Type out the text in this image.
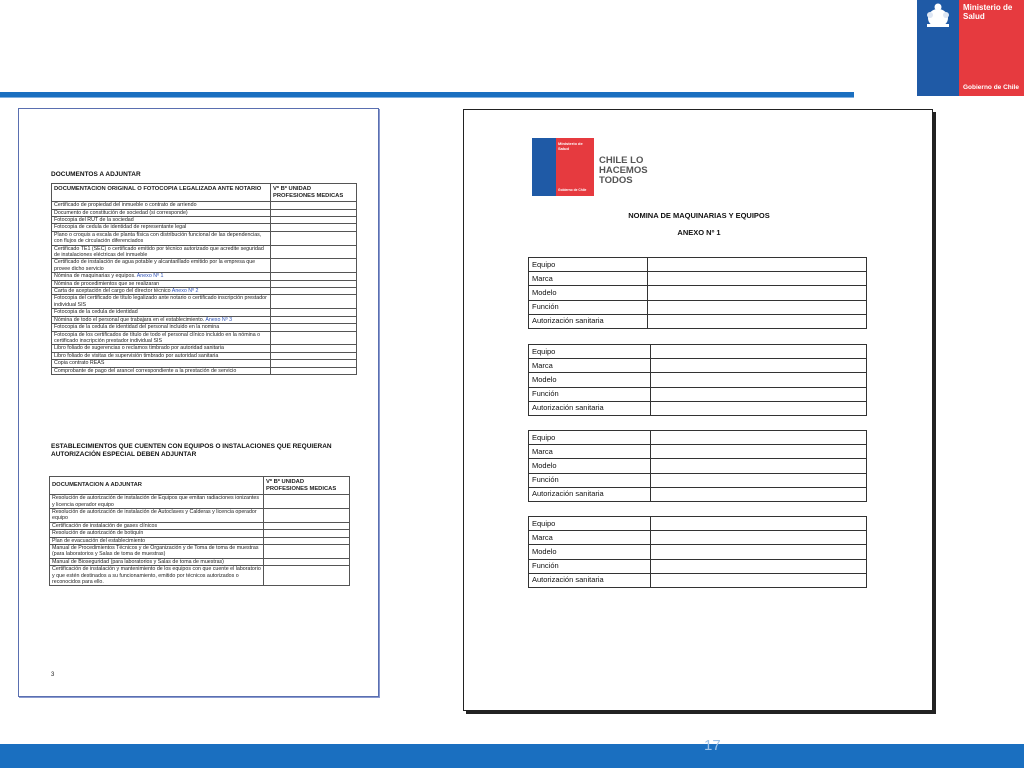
Ministerio de Salud
Gobierno de Chile
DOCUMENTOS A ADJUNTAR
DOCUMENTACION ORIGINAL O FOTOCOPIA LEGALIZADA ANTE NOTARIO	Vº Bº UNIDAD PROFESIONES MEDICAS
Certificado de propiedad del inmueble o contrato de arriendo	
Documento de constitución de sociedad (si corresponde)	
Fotocopia del RUT de la sociedad	
Fotocopia de cedula de identidad de representante legal	
Plano o croquis a escala de planta física con distribución funcional de las dependencias, con flujos de circulación diferenciados	
Certificado TE1 (SEC) o certificado emitido por técnico autorizado que acredite seguridad de instalaciones eléctricas del inmueble	
Certificado de instalación de agua potable y alcantarillado emitido por la empresa que provee dicho servicio	
Nómina de maquinarias y equipos. Anexo Nº 1	
Nómina de procedimientos que se realizaran	
Carta de aceptación del cargo del director técnico Anexo Nº 2	
Fotocopia del certificado de título legalizado ante notario o certificado inscripción prestador individual SIS	
Fotocopia de la cedula de identidad	
Nómina de todo el personal que trabajara en el establecimiento. Anexo Nº 3	
Fotocopia de la cedula de identidad del personal incluido en la nomina	
Fotocopia de los certificados de título de todo el personal clínico incluido en la nómina o certificado inscripción prestador individual SIS	
Libro foliado de sugerencias o reclamos timbrado por autoridad sanitaria	
Libro foliado de visitas de supervisión timbrado por autoridad sanitaria	
Copia contrato REAS	
Comprobante de pago del arancel correspondiente a la prestación de servicio	
ESTABLECIMIENTOS QUE CUENTEN CON EQUIPOS O INSTALACIONES QUE REQUIERAN AUTORIZACIÓN ESPECIAL DEBEN ADJUNTAR
DOCUMENTACION A ADJUNTAR	Vº Bº UNIDAD PROFESIONES MEDICAS
Resolución de autorización de instalación de Equipos que emitan radiaciones ionizantes y licencia operador equipo	
Resolución de autorización de instalación de Autoclaves y Calderas y licencia operador equipo	
Certificación de instalación de gases clínicos	
Resolución de autorización de botiquín	
Plan de evacuación del establecimiento	
Manual de Procedimientos Técnicos y de Organización y de Toma de toma de muestras (para laboratorios y Salas de toma de muestras)	
Manual de Bioseguridad (para laboratorios y Salas de toma de muestras)	
Certificación de instalación y mantenimiento de los equipos con que cuente el laboratorio y que estén destinados a su funcionamiento, emitido por técnicos autorizados o reconocidos para ello.	
3
Ministerio de Salud
Gobierno de Chile
CHILE LO HACEMOS TODOS
NOMINA DE MAQUINARIAS Y EQUIPOS
ANEXO Nº 1
Equipo	
Marca	
Modelo	
Función	
Autorización sanitaria	
Equipo	
Marca	
Modelo	
Función	
Autorización sanitaria	
Equipo	
Marca	
Modelo	
Función	
Autorización sanitaria	
Equipo	
Marca	
Modelo	
Función	
Autorización sanitaria	
17
